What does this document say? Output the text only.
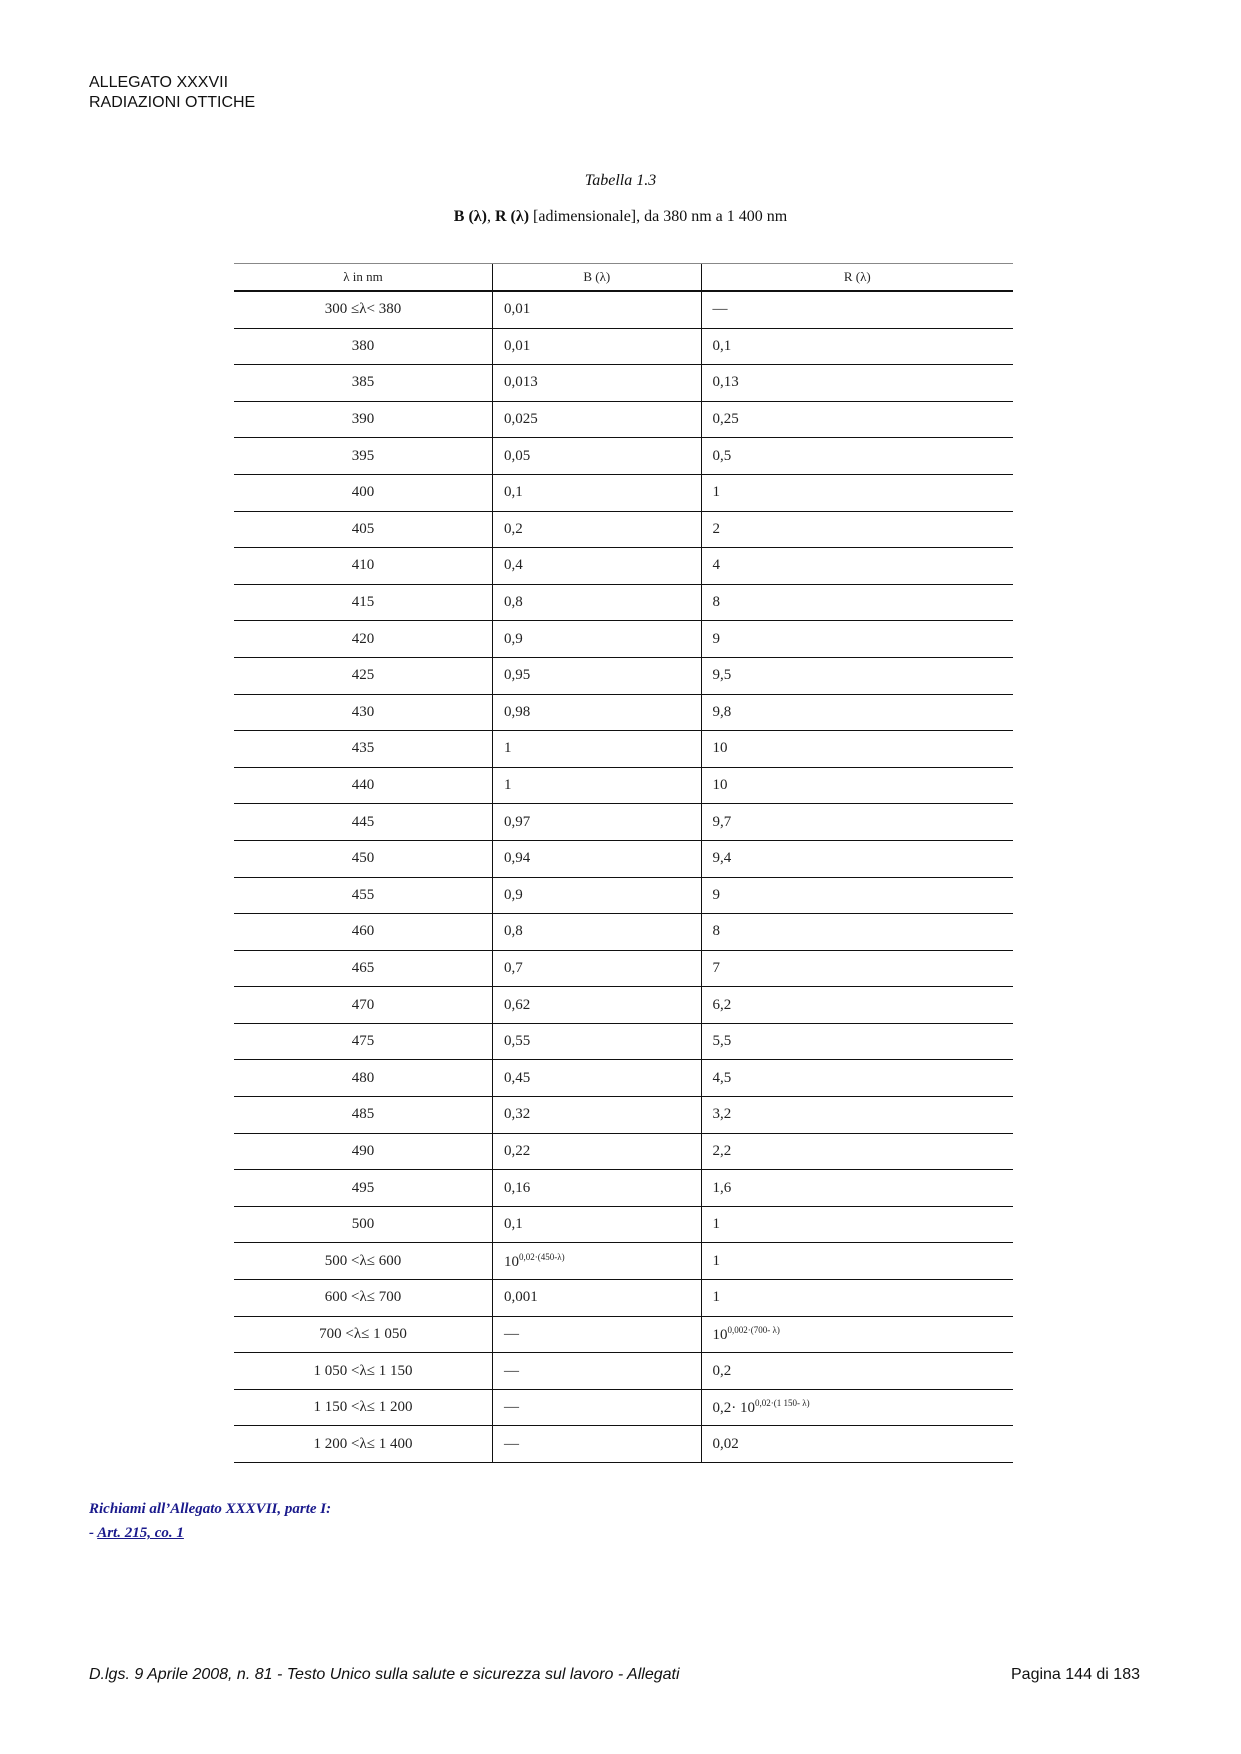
ALLEGATO XXXVII
RADIAZIONI OTTICHE
Tabella 1.3
B (λ), R (λ) [adimensionale], da 380 nm a 1 400 nm
λ in nm	B (λ)	R (λ)
300 ≤λ< 380	0,01	—
380	0,01	0,1
385	0,013	0,13
390	0,025	0,25
395	0,05	0,5
400	0,1	1
405	0,2	2
410	0,4	4
415	0,8	8
420	0,9	9
425	0,95	9,5
430	0,98	9,8
435	1	10
440	1	10
445	0,97	9,7
450	0,94	9,4
455	0,9	9
460	0,8	8
465	0,7	7
470	0,62	6,2
475	0,55	5,5
480	0,45	4,5
485	0,32	3,2
490	0,22	2,2
495	0,16	1,6
500	0,1	1
500 <λ≤ 600	$10^{0,02\cdot(450-\lambda)}$	1
600 <λ≤ 700	0,001	1
700 <λ≤ 1 050	—	$10^{0,002\cdot(700- \lambda)}$
1 050 <λ≤ 1 150	—	0,2
1 150 <λ≤ 1 200	—	$0,2\cdot 10^{0,02\cdot(1 150- \lambda)}$
1 200 <λ≤ 1 400	—	0,02
Richiami all’Allegato XXXVII, parte I:
- Art. 215, co. 1
D.lgs. 9 Aprile 2008, n. 81 - Testo Unico sulla salute e sicurezza sul lavoro - Allegati	Pagina 144 di 183
